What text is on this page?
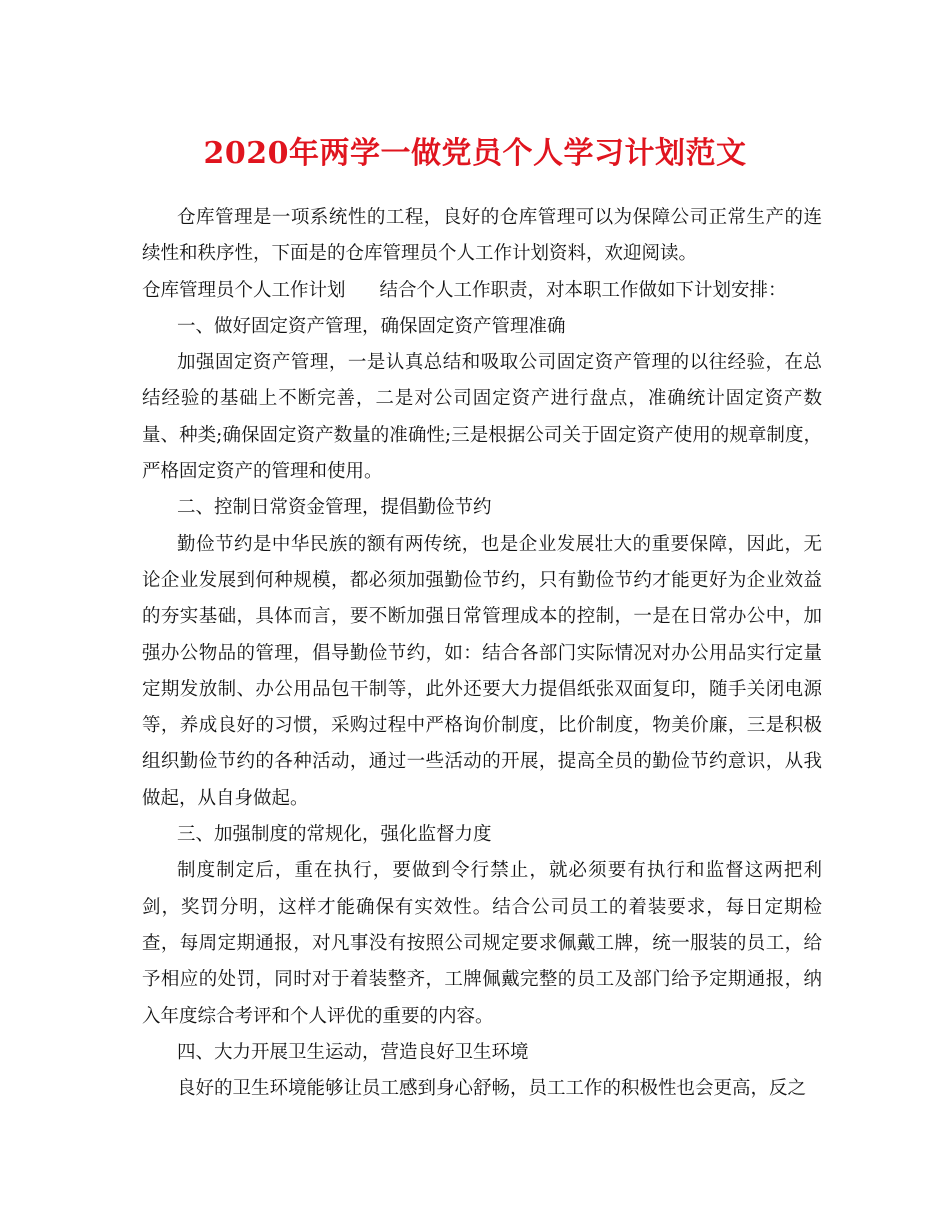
2020年两学一做党员个人学习计划范文

仓库管理是一项系统性的工程，良好的仓库管理可以为保障公司正常生产的连续性和秩序性，下面是的仓库管理员个人工作计划资料，欢迎阅读。

仓库管理员个人工作计划 结合个人工作职责，对本职工作做如下计划安排：

一、做好固定资产管理，确保固定资产管理准确

加强固定资产管理，一是认真总结和吸取公司固定资产管理的以往经验，在总结经验的基础上不断完善，二是对公司固定资产进行盘点，准确统计固定资产数量、种类;确保固定资产数量的准确性;三是根据公司关于固定资产使用的规章制度，严格固定资产的管理和使用。

二、控制日常资金管理，提倡勤俭节约

勤俭节约是中华民族的额有两传统，也是企业发展壮大的重要保障，因此，无论企业发展到何种规模，都必须加强勤俭节约，只有勤俭节约才能更好为企业效益的夯实基础，具体而言，要不断加强日常管理成本的控制，一是在日常办公中，加强办公物品的管理，倡导勤俭节约，如：结合各部门实际情况对办公用品实行定量定期发放制、办公用品包干制等，此外还要大力提倡纸张双面复印，随手关闭电源等，养成良好的习惯，采购过程中严格询价制度，比价制度，物美价廉，三是积极组织勤俭节约的各种活动，通过一些活动的开展，提高全员的勤俭节约意识，从我做起，从自身做起。

三、加强制度的常规化，强化监督力度

制度制定后，重在执行，要做到令行禁止，就必须要有执行和监督这两把利剑，奖罚分明，这样才能确保有实效性。结合公司员工的着装要求，每日定期检查，每周定期通报，对凡事没有按照公司规定要求佩戴工牌，统一服装的员工，给予相应的处罚，同时对于着装整齐，工牌佩戴完整的员工及部门给予定期通报，纳入年度综合考评和个人评优的重要的内容。

四、大力开展卫生运动，营造良好卫生环境

良好的卫生环境能够让员工感到身心舒畅，员工工作的积极性也会更高，反之
